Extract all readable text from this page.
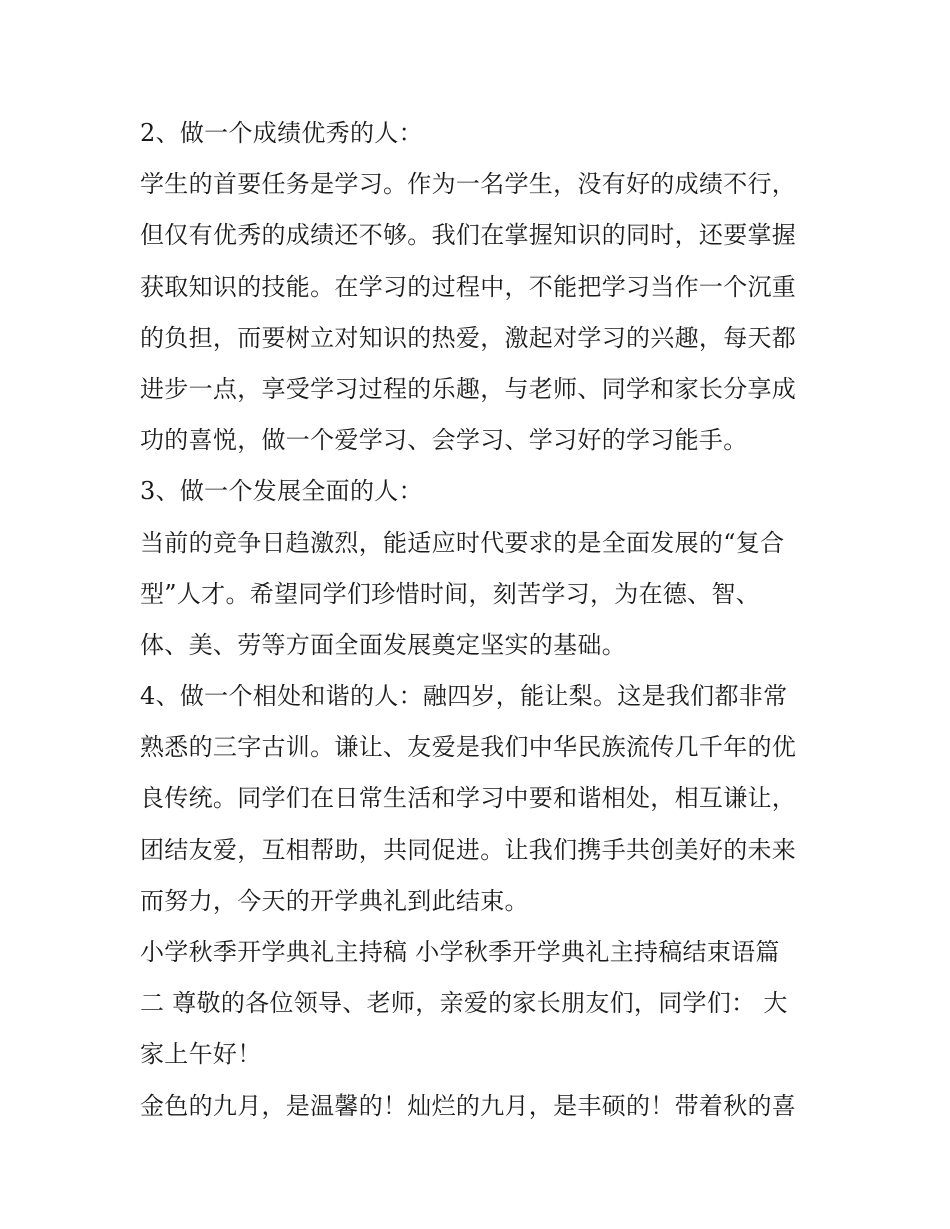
2、做一个成绩优秀的人：
学生的首要任务是学习。作为一名学生，没有好的成绩不行，
但仅有优秀的成绩还不够。我们在掌握知识的同时，还要掌握
获取知识的技能。在学习的过程中，不能把学习当作一个沉重
的负担，而要树立对知识的热爱，激起对学习的兴趣，每天都
进步一点，享受学习过程的乐趣，与老师、同学和家长分享成
功的喜悦，做一个爱学习、会学习、学习好的学习能手。
3、做一个发展全面的人：
当前的竞争日趋激烈，能适应时代要求的是全面发展的“复合
型”人才。希望同学们珍惜时间，刻苦学习，为在德、智、
体、美、劳等方面全面发展奠定坚实的基础。
4、做一个相处和谐的人：融四岁，能让梨。这是我们都非常
熟悉的三字古训。谦让、友爱是我们中华民族流传几千年的优
良传统。同学们在日常生活和学习中要和谐相处，相互谦让，
团结友爱，互相帮助，共同促进。让我们携手共创美好的未来
而努力，今天的开学典礼到此结束。
小学秋季开学典礼主持稿 小学秋季开学典礼主持稿结束语篇
二 尊敬的各位领导、老师，亲爱的家长朋友们，同学们： 大
家上午好！
金色的九月，是温馨的！灿烂的九月，是丰硕的！带着秋的喜
